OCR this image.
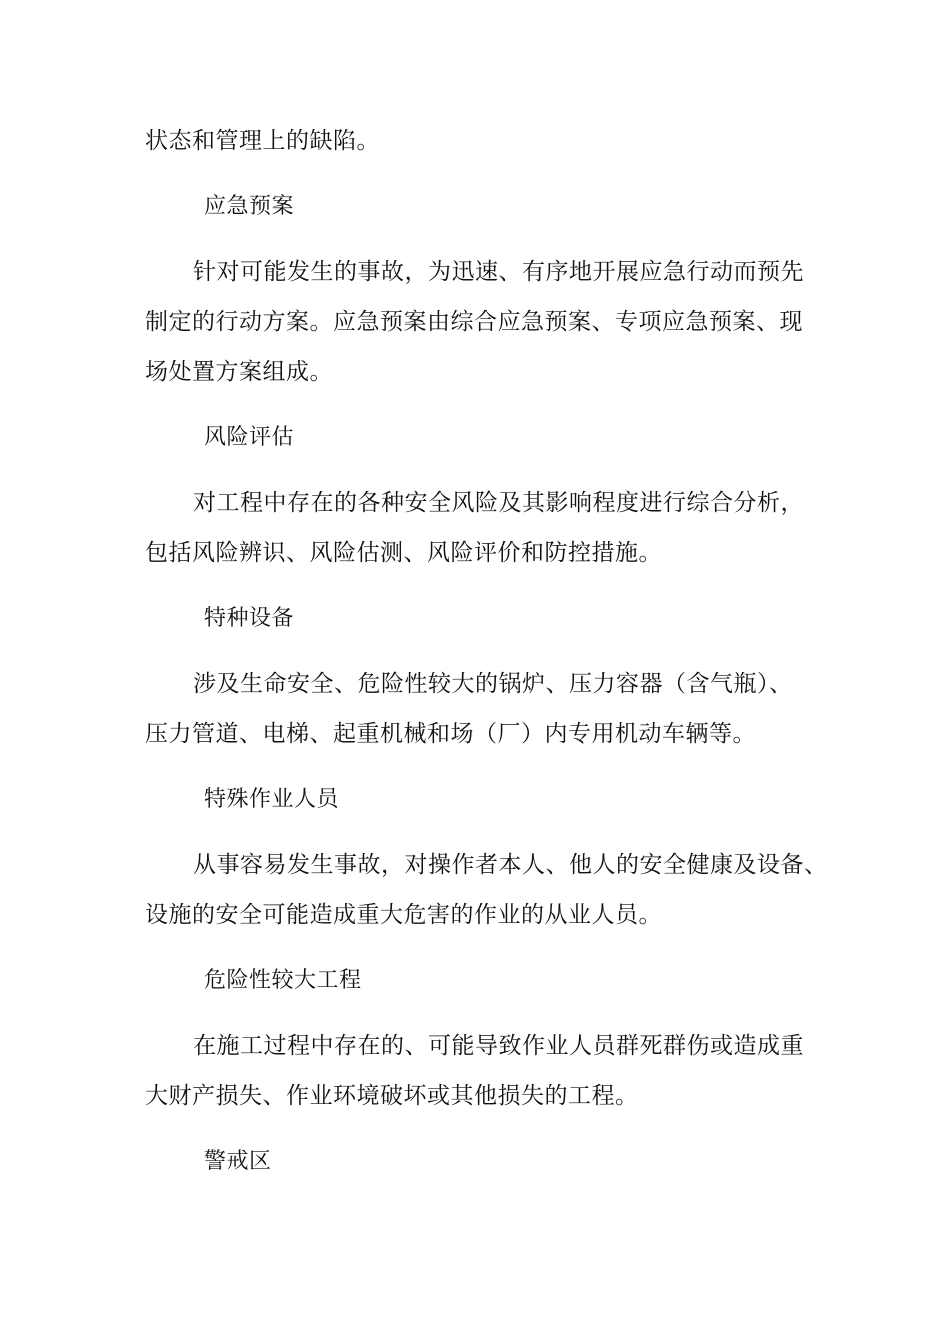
状态和管理上的缺陷。
应急预案
针对可能发生的事故，为迅速、有序地开展应急行动而预先
制定的行动方案。应急预案由综合应急预案、专项应急预案、现
场处置方案组成。
风险评估
对工程中存在的各种安全风险及其影响程度进行综合分析，
包括风险辨识、风险估测、风险评价和防控措施。
特种设备
涉及生命安全、危险性较大的锅炉、压力容器（含气瓶）、
压力管道、电梯、起重机械和场（厂）内专用机动车辆等。
特殊作业人员
从事容易发生事故，对操作者本人、他人的安全健康及设备、
设施的安全可能造成重大危害的作业的从业人员。
危险性较大工程
在施工过程中存在的、可能导致作业人员群死群伤或造成重
大财产损失、作业环境破坏或其他损失的工程。
警戒区
